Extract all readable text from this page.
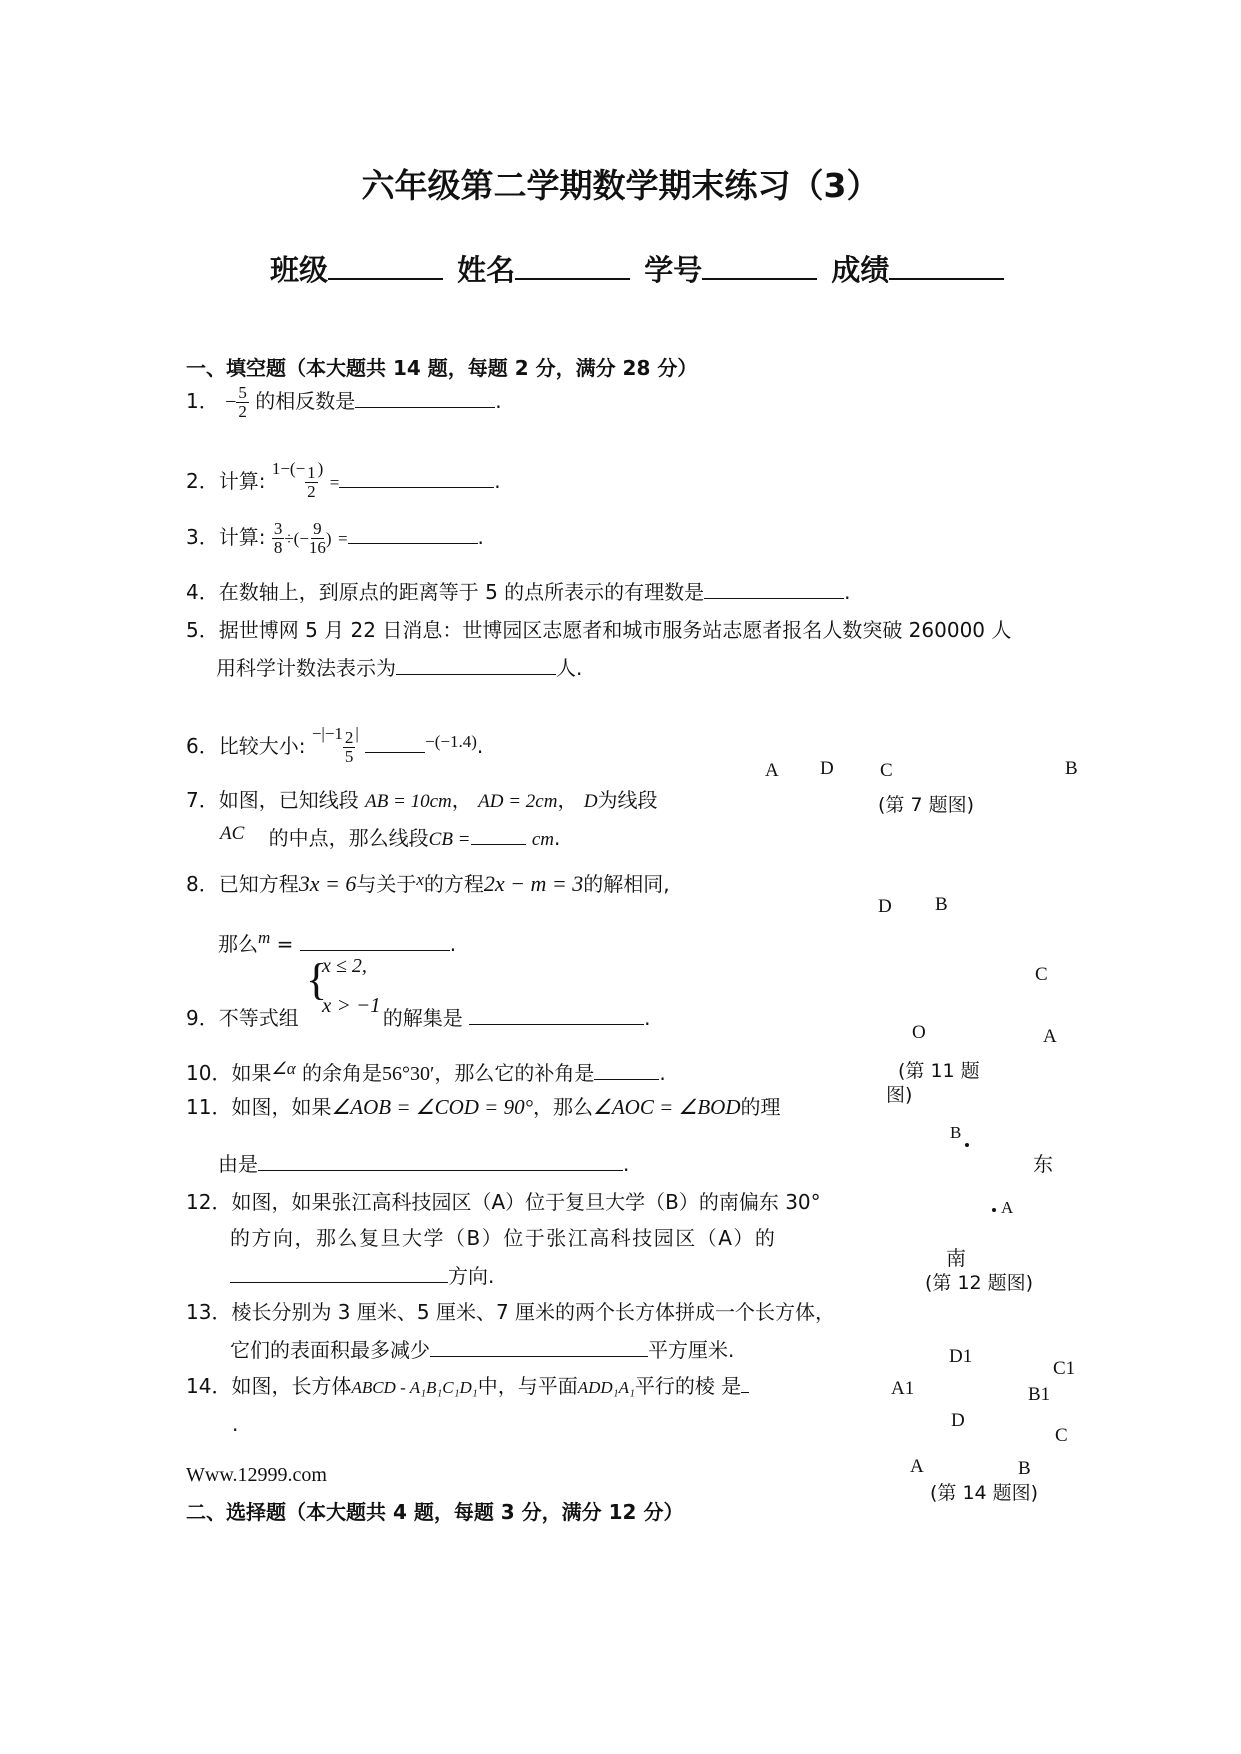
六年级第二学期数学期末练习（3）
班级	姓名	学号	成绩
一、填空题（本大题共 14 题，每题 2 分，满分 28 分）
1． − $\frac{5}{2}$ 的相反数是	.
2．计算: $^{1-(-} \frac{1}{2} ^)$ =	.
3．计算: $\frac{3}{8}$ ÷(− $\frac{9}{16}$ ) =	.
4．在数轴上，到原点的距离等于 5 的点所表示的有理数是	.
5．据世博网 5 月 22 日消息：世博园区志愿者和城市服务站志愿者报名人数突破 260000 人
用科学计数法表示为	人.
6．比较大小: $^{-|-1} \frac{2}{5} ^|$	$^{-(-1.4)}$.
7．如图，已知线段 AB = 10cm， AD = 2cm， D为线段
AC 的中点，那么线段CB =	cm.
8．已知方程3x = 6与关于$^x$的方程2x − m = 3的解相同,
那么$^m$ =	.
{
x ≤ 2,
x > −1
9．不等式组	的解集是	.
10．如果$^{\angle\alpha}$ 的余角是56°30′，那么它的补角是	.
11．如图，如果∠AOB = ∠COD = 90°，那么∠AOC = ∠BOD的理
由是	.
12．如图，如果张江高科技园区（A）位于复旦大学（B）的南偏东 30°
的方向，那么复旦大学（B）位于张江高科技园区（A）的
方向.
13．棱长分别为 3 厘米、5 厘米、7 厘米的两个长方体拼成一个长方体，
它们的表面积最多减少	平方厘米.
14．如图，长方体ABCD - A₁B₁C₁D₁中，与平面ADD₁A₁平行的棱 是
.
Www.12999.com
二、选择题（本大题共 4 题，每题 3 分，满分 12 分）
A D C	B
(第 7 题图)
D B
C
O	A
(第 11 题
图)
B
东
A
南
(第 12 题图)
D1
C1
A1	B1
D
C
A	B
(第 14 题图)
